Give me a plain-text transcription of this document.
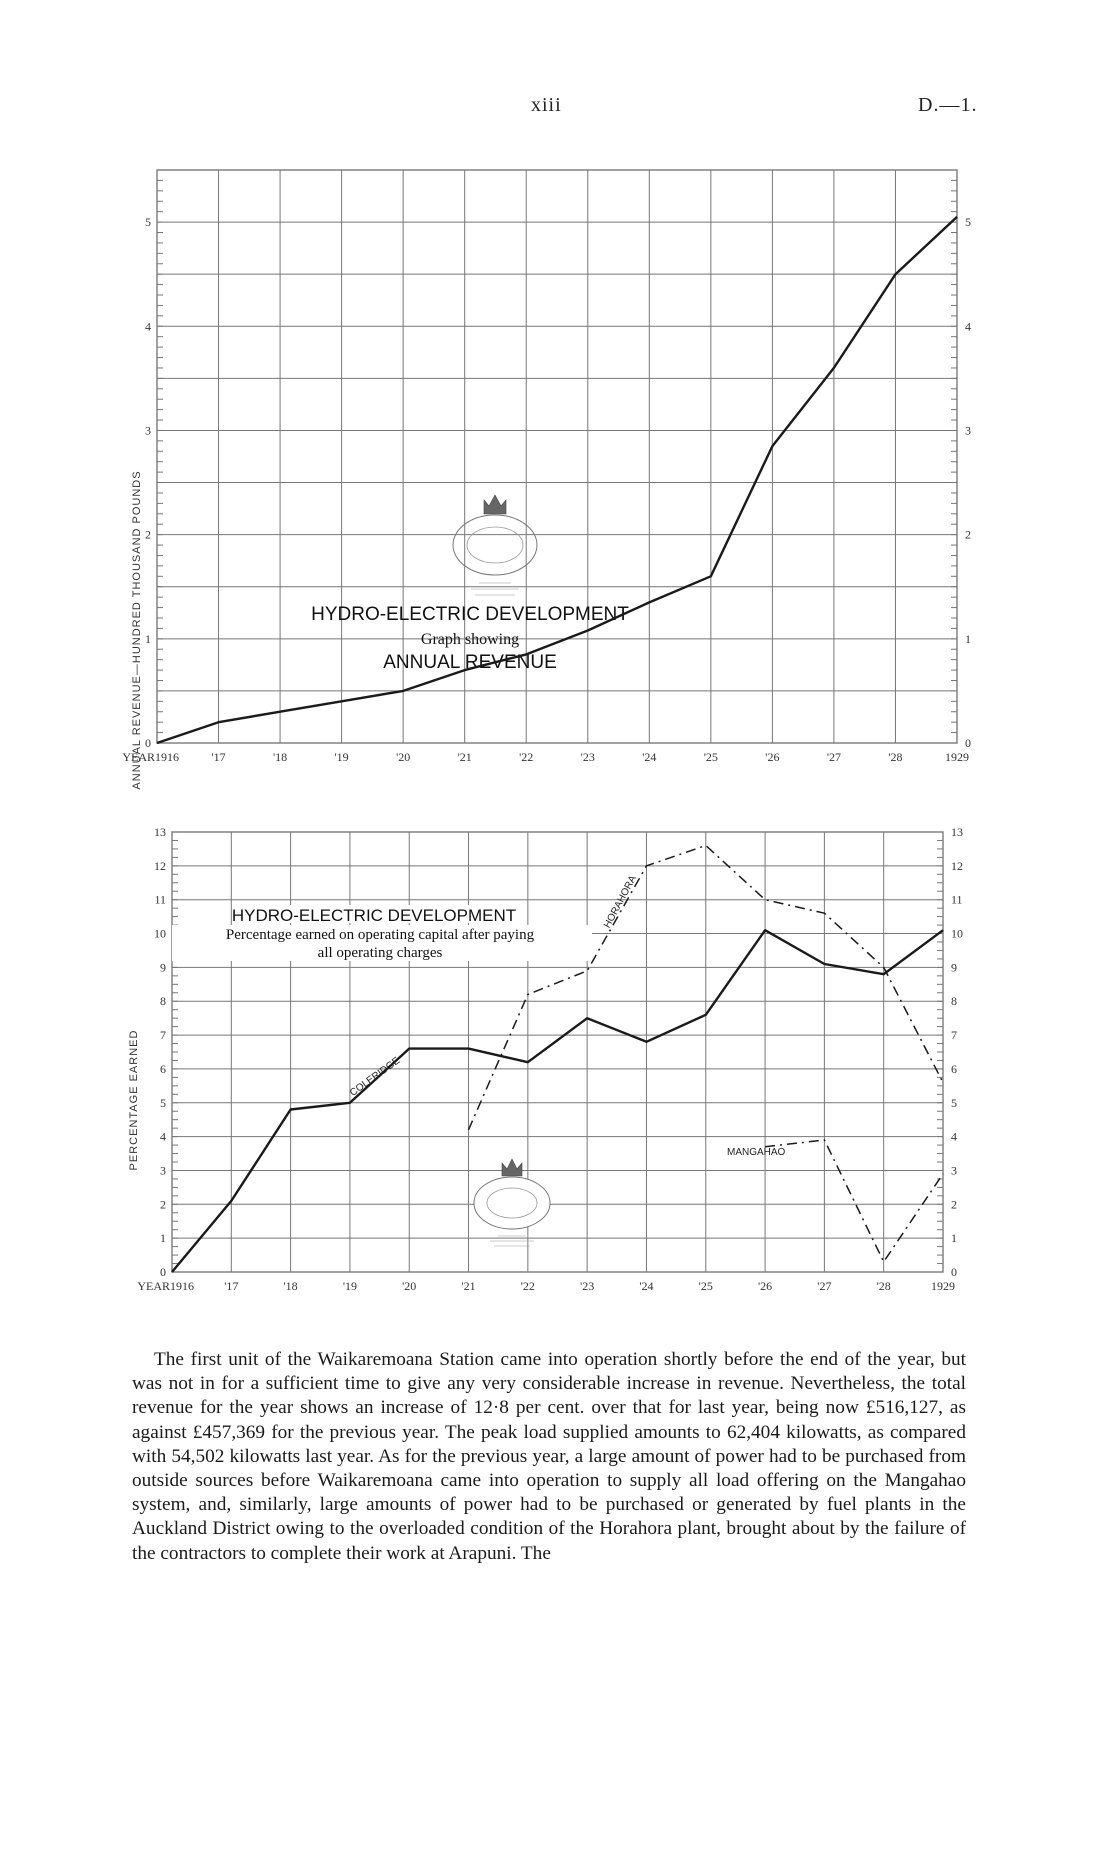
xiii	D.—1.
YEAR1916	'17	'18	'19	'20	'21	'22	'23	'24	'25	'26	'27	'28	1929
0	0
1	1
2	2
3	3
4	4
5	5
ANNUAL REVENUE—HUNDRED THOUSAND POUNDS	HYDRO-ELECTRIC DEVELOPMENT
Graph showing
ANNUAL REVENUE
YEAR1916	'17	'18	'19	'20	'21	'22	'23	'24	'25	'26	'27	'28	1929
0	0
1	1
2	2
3	3
4	4
5	5
6	6
7	7
8	8
9	9
10	10
11	11
12	12
13	13
PERCENTAGE EARNED
HYDRO-ELECTRIC DEVELOPMENT
Percentage earned on operating capital after paying
all operating charges
COLERIDGE
HORAHORA
MANGAHAO

The first unit of the Waikaremoana Station came into operation shortly before the end of the year, but was not in for a sufficient time to give any very considerable increase in revenue. Nevertheless, the total revenue for the year shows an increase of 12·8 per cent. over that for last year, being now £516,127, as against £457,369 for the previous year. The peak load supplied amounts to 62,404 kilowatts, as compared with 54,502 kilowatts last year. As for the previous year, a large amount of power had to be purchased from outside sources before Waikaremoana came into operation to supply all load offering on the Mangahao system, and, similarly, large amounts of power had to be purchased or generated by fuel plants in the Auckland District owing to the overloaded condition of the Horahora plant, brought about by the failure of the contractors to complete their work at Arapuni. The
